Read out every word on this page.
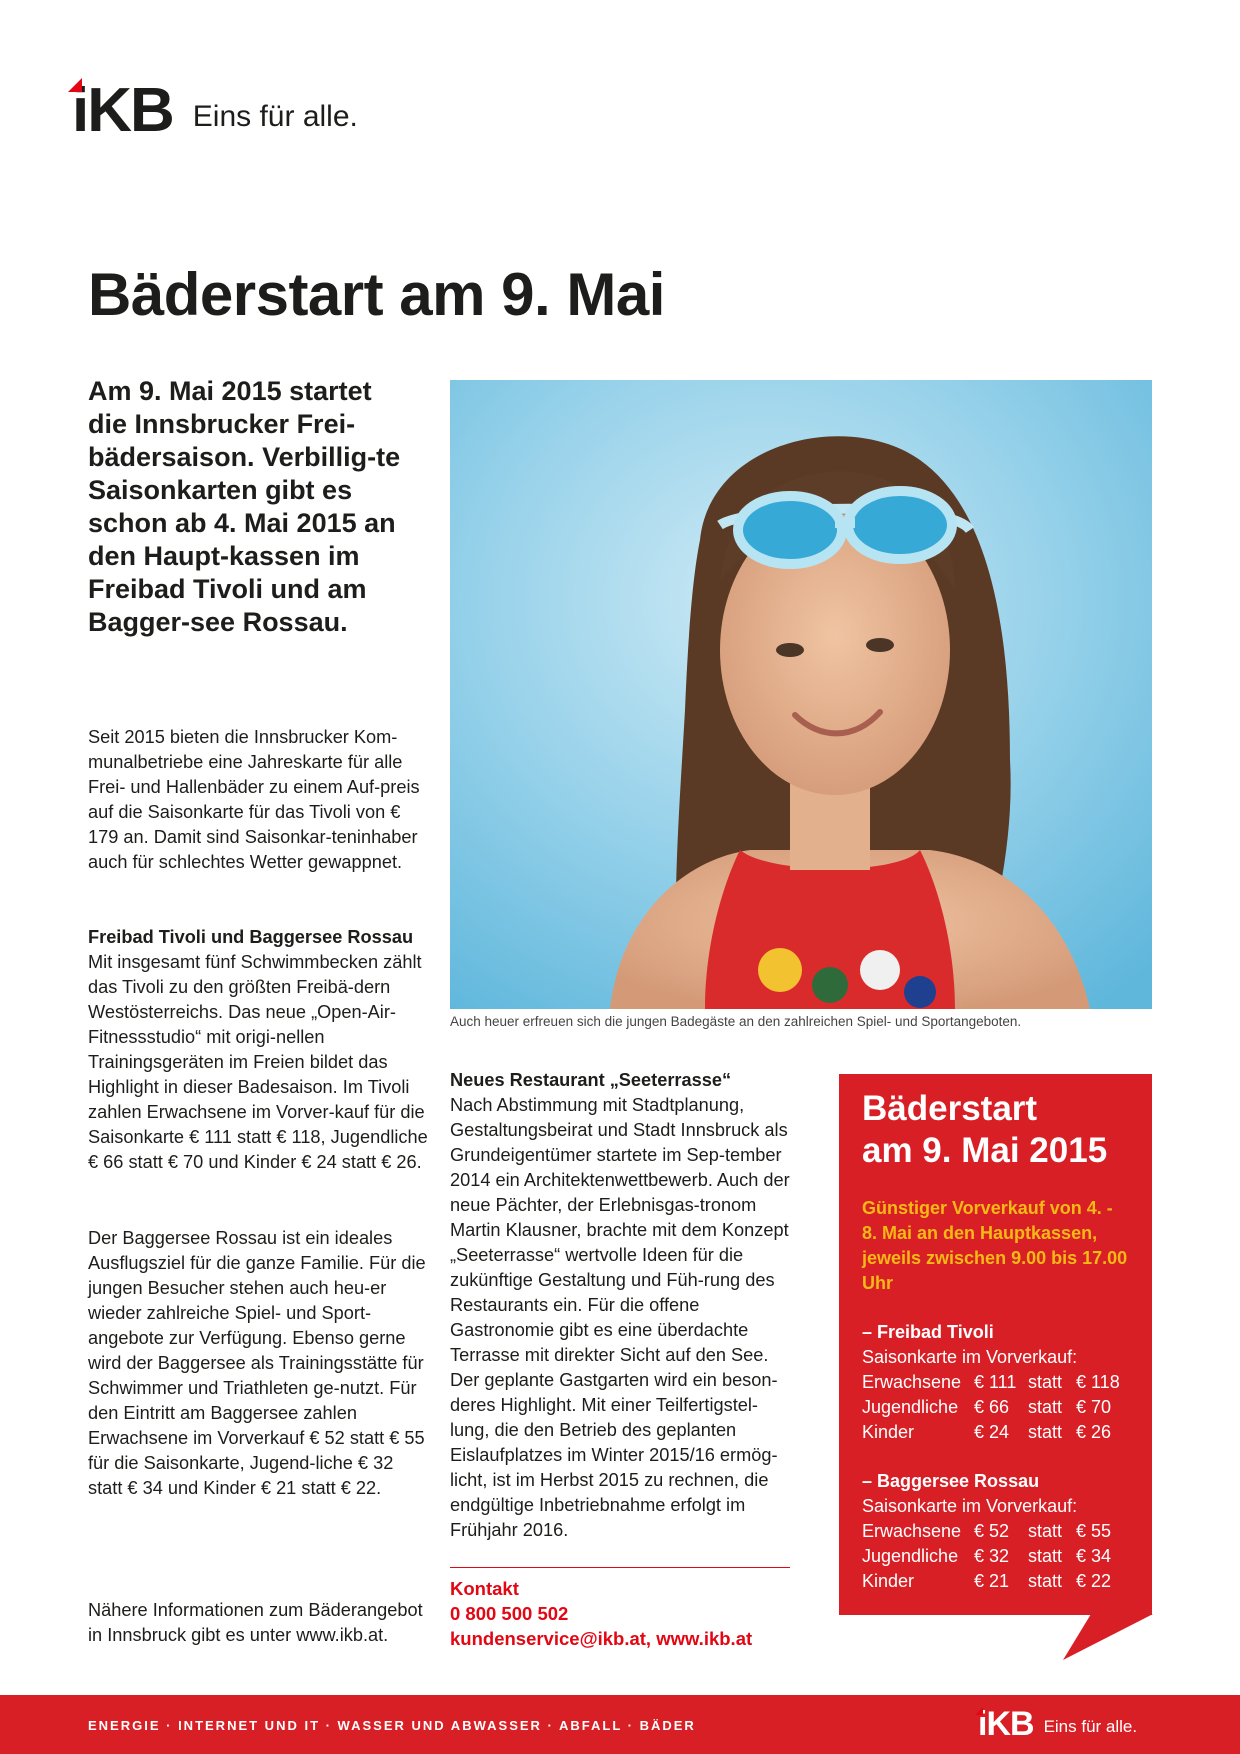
iKB Eins für alle.
Bäderstart am 9. Mai

Am 9. Mai 2015 startet die Innsbrucker Frei-bädersaison. Verbillig-te Saisonkarten gibt es schon ab 4. Mai 2015 an den Haupt-kassen im Freibad Tivoli und am Bagger-see Rossau.

Seit 2015 bieten die Innsbrucker Kom-munalbetriebe eine Jahreskarte für alle Frei- und Hallenbäder zu einem Auf-preis auf die Saisonkarte für das Tivoli von € 179 an. Damit sind Saisonkar-teninhaber auch für schlechtes Wetter gewappnet.

Freibad Tivoli und Baggersee Rossau
Mit insgesamt fünf Schwimmbecken zählt das Tivoli zu den größten Freibä-dern Westösterreichs. Das neue „Open-Air-Fitnessstudio“ mit origi-nellen Trainingsgeräten im Freien bildet das Highlight in dieser Badesaison. Im Tivoli zahlen Erwachsene im Vorver-kauf für die Saisonkarte € 111 statt € 118, Jugendliche € 66 statt € 70 und Kinder € 24 statt € 26.

Der Baggersee Rossau ist ein ideales Ausflugsziel für die ganze Familie. Für die jungen Besucher stehen auch heu-er wieder zahlreiche Spiel- und Sport-angebote zur Verfügung. Ebenso gerne wird der Baggersee als Trainingsstätte für Schwimmer und Triathleten ge-nutzt. Für den Eintritt am Baggersee zahlen Erwachsene im Vorverkauf € 52 statt € 55 für die Saisonkarte, Jugend-liche € 32 statt € 34 und Kinder € 21 statt € 22.

Nähere Informationen zum Bäderangebot in Innsbruck gibt es unter www.ikb.at.

Auch heuer erfreuen sich die jungen Badegäste an den zahlreichen Spiel- und Sportangeboten.
Neues Restaurant „Seeterrasse“
Nach Abstimmung mit Stadtplanung, Gestaltungsbeirat und Stadt Innsbruck als Grundeigentümer startete im Sep-tember 2014 ein Architektenwettbewerb. Auch der neue Pächter, der Erlebnisgas-tronom Martin Klausner, brachte mit dem Konzept „Seeterrasse“ wertvolle Ideen für die zukünftige Gestaltung und Füh-rung des Restaurants ein. Für die offene Gastronomie gibt es eine überdachte Terrasse mit direkter Sicht auf den See. Der geplante Gastgarten wird ein beson-deres Highlight. Mit einer Teilfertigstel-lung, die den Betrieb des geplanten Eislaufplatzes im Winter 2015/16 ermög-licht, ist im Herbst 2015 zu rechnen, die endgültige Inbetriebnahme erfolgt im Frühjahr 2016.
Kontakt
0 800 500 502
kundenservice@ikb.at, www.ikb.at
Bäderstart
am 9. Mai 2015
Günstiger Vorverkauf von 4. - 8. Mai an den Hauptkassen, jeweils zwischen 9.00 bis 17.00 Uhr
– Freibad Tivoli
Saisonkarte im Vorverkauf:
Erwachsene	€ 111	statt	€ 118
Jugendliche	€ 66	statt	€ 70
Kinder	€ 24	statt	€ 26
– Baggersee Rossau
Saisonkarte im Vorverkauf:
Erwachsene	€ 52	statt	€ 55
Jugendliche	€ 32	statt	€ 34
Kinder	€ 21	statt	€ 22
ENERGIE · INTERNET UND IT · WASSER UND ABWASSER · ABFALL · BÄDER	iKB Eins für alle.
